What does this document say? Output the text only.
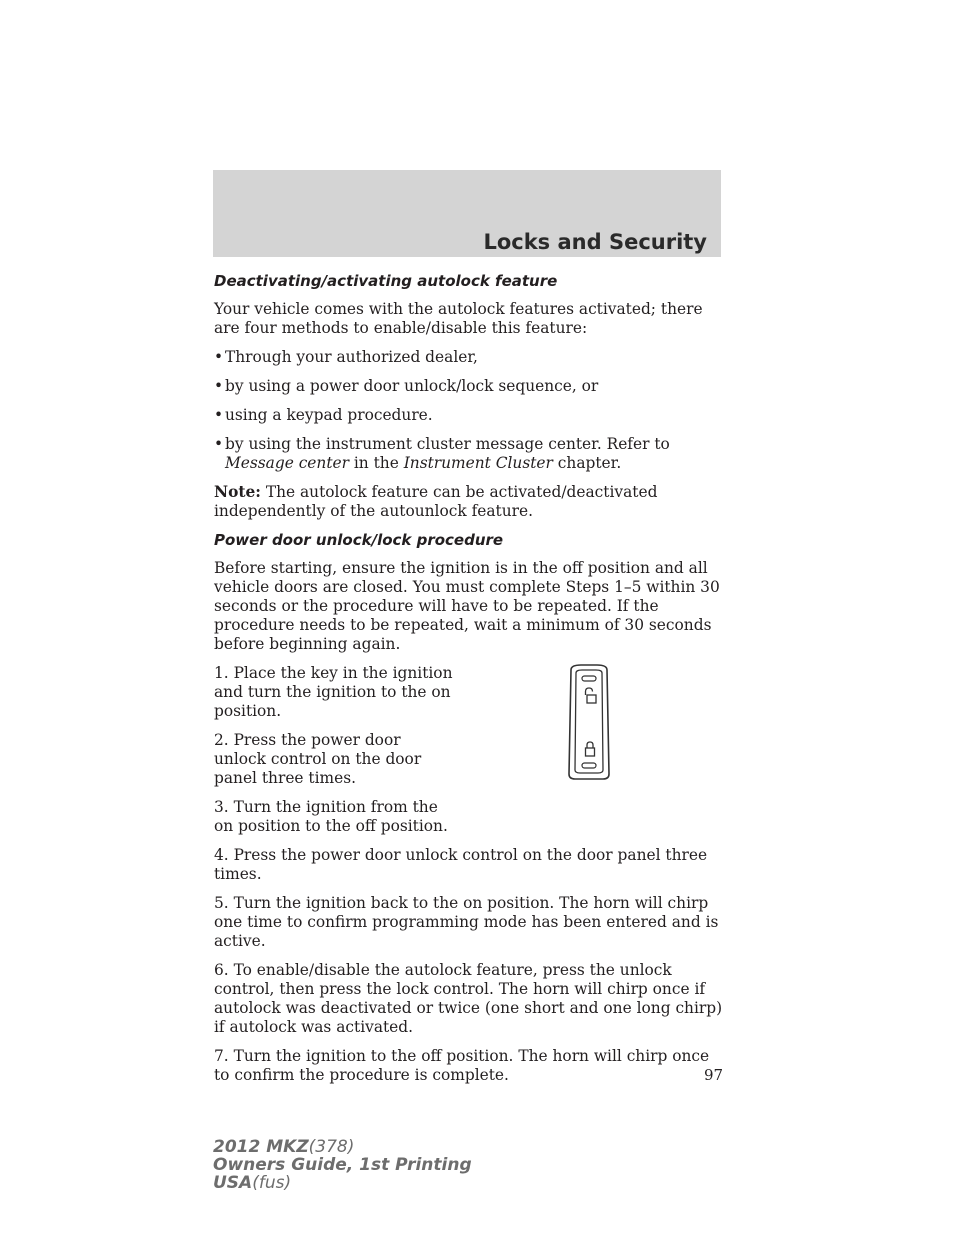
Locks and Security
Deactivating/activating autolock feature

Your vehicle comes with the autolock features activated; there are four methods to enable/disable this feature:

• Through your authorized dealer,
• by using a power door unlock/lock sequence, or
• using a keypad procedure.
• by using the instrument cluster message center. Refer to Message center in the Instrument Cluster chapter.

Note: The autolock feature can be activated/deactivated independently of the autounlock feature.

Power door unlock/lock procedure

Before starting, ensure the ignition is in the off position and all vehicle doors are closed. You must complete Steps 1–5 within 30 seconds or the procedure will have to be repeated. If the procedure needs to be repeated, wait a minimum of 30 seconds before beginning again.

1. Place the key in the ignition and turn the ignition to the on position.

2. Press the power door unlock control on the door panel three times.

3. Turn the ignition from the on position to the off position.

4. Press the power door unlock control on the door panel three times.

5. Turn the ignition back to the on position. The horn will chirp one time to confirm programming mode has been entered and is active.

6. To enable/disable the autolock feature, press the unlock control, then press the lock control. The horn will chirp once if autolock was deactivated or twice (one short and one long chirp) if autolock was activated.

7. Turn the ignition to the off position. The horn will chirp once to confirm the procedure is complete.	97
2012 MKZ(378)
Owners Guide, 1st Printing
USA(fus)
